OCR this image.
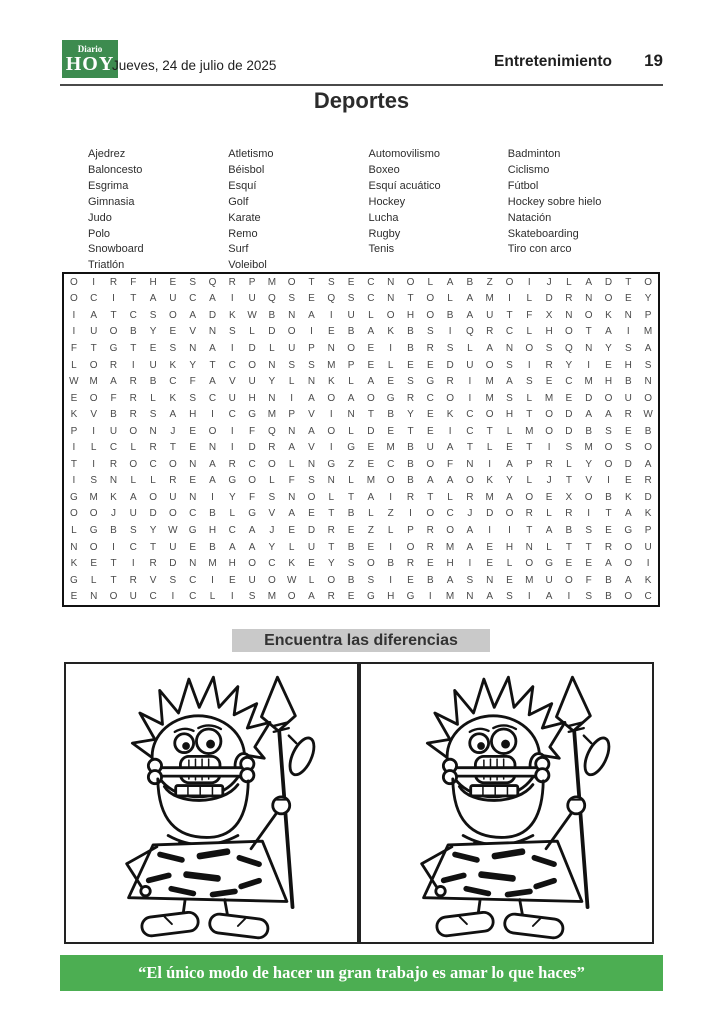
Diario
HOY
Jueves, 24 de julio de 2025	Entretenimiento 19
Deportes
Ajedrez
Baloncesto
Esgrima
Gimnasia
Judo
Polo
Snowboard
Triatlón
Atletismo
Béisbol
Esquí
Golf
Karate
Remo
Surf
Voleibol
Automovilismo
Boxeo
Esquí acuático
Hockey
Lucha
Rugby
Tenis
Badminton
Ciclismo
Fútbol
Hockey sobre hielo
Natación
Skateboarding
Tiro con arco
O	I	R	F	H	E	S	Q	R	P	M	O	T	S	E	C	N	O	L	A	B	Z	O	I	J	L	A	D	T	O
O	C	I	T	A	U	C	A	I	U	Q	S	E	Q	S	C	N	T	O	L	A	M	I	L	D	R	N	O	E	Y
I	A	T	C	S	O	A	D	K	W	B	N	A	I	U	L	O	H	O	B	A	U	T	F	X	N	O	K	N	P
I	U	O	B	Y	E	V	N	S	L	D	O	I	E	B	A	K	B	S	I	Q	R	C	L	H	O	T	A	I	M
F	T	G	T	E	S	N	A	I	D	L	U	P	N	O	E	I	B	R	S	L	A	N	O	S	Q	N	Y	S	A
L	O	R	I	U	K	Y	T	C	O	N	S	S	M	P	E	L	E	E	D	U	O	S	I	R	Y	I	E	H	S
W	M	A	R	B	C	F	A	V	U	Y	L	N	K	L	A	E	S	G	R	I	M	A	S	E	C	M	H	B	N
E	O	F	R	L	K	S	C	U	H	N	I	A	O	A	O	G	R	C	O	I	M	S	L	M	E	D	O	U	O
K	V	B	R	S	A	H	I	C	G	M	P	V	I	N	T	B	Y	E	K	C	O	H	T	O	D	A	A	R	W
P	I	U	O	N	J	E	O	I	F	Q	N	A	O	L	D	E	T	E	I	C	T	L	M	O	D	B	S	E	B
I	L	C	L	R	T	E	N	I	D	R	A	V	I	G	E	M	B	U	A	T	L	E	T	I	S	M	O	S	O
T	I	R	O	C	O	N	A	R	C	O	L	N	G	Z	E	C	B	O	F	N	I	A	P	R	L	Y	O	D	A
I	S	N	L	L	R	E	A	G	O	L	F	S	N	L	M	O	B	A	A	O	K	Y	L	J	T	V	I	E	R
G	M	K	A	O	U	N	I	Y	F	S	N	O	L	T	A	I	R	T	L	R	M	A	O	E	X	O	B	K	D
O	O	J	U	D	O	C	B	L	G	V	A	E	T	B	L	Z	I	O	C	J	D	O	R	L	R	I	T	A	K
L	G	B	S	Y	W	G	H	C	A	J	E	D	R	E	Z	L	P	R	O	A	I	I	T	A	B	S	E	G	P
N	O	I	C	T	U	E	B	A	A	Y	L	U	T	B	E	I	O	R	M	A	E	H	N	L	T	T	R	O	U
K	E	T	I	R	D	N	M	H	O	C	K	E	Y	S	O	B	R	E	H	I	E	L	O	G	E	E	A	O	I
G	L	T	R	V	S	C	I	E	U	O	W	L	O	B	S	I	E	B	A	S	N	E	M	U	O	F	B	A	K
E	N	O	U	C	I	C	L	I	S	M	O	A	R	E	G	H	G	I	M	N	A	S	I	A	I	S	B	O	C
Encuentra las diferencias
“El único modo de hacer un gran trabajo es amar lo que haces”
